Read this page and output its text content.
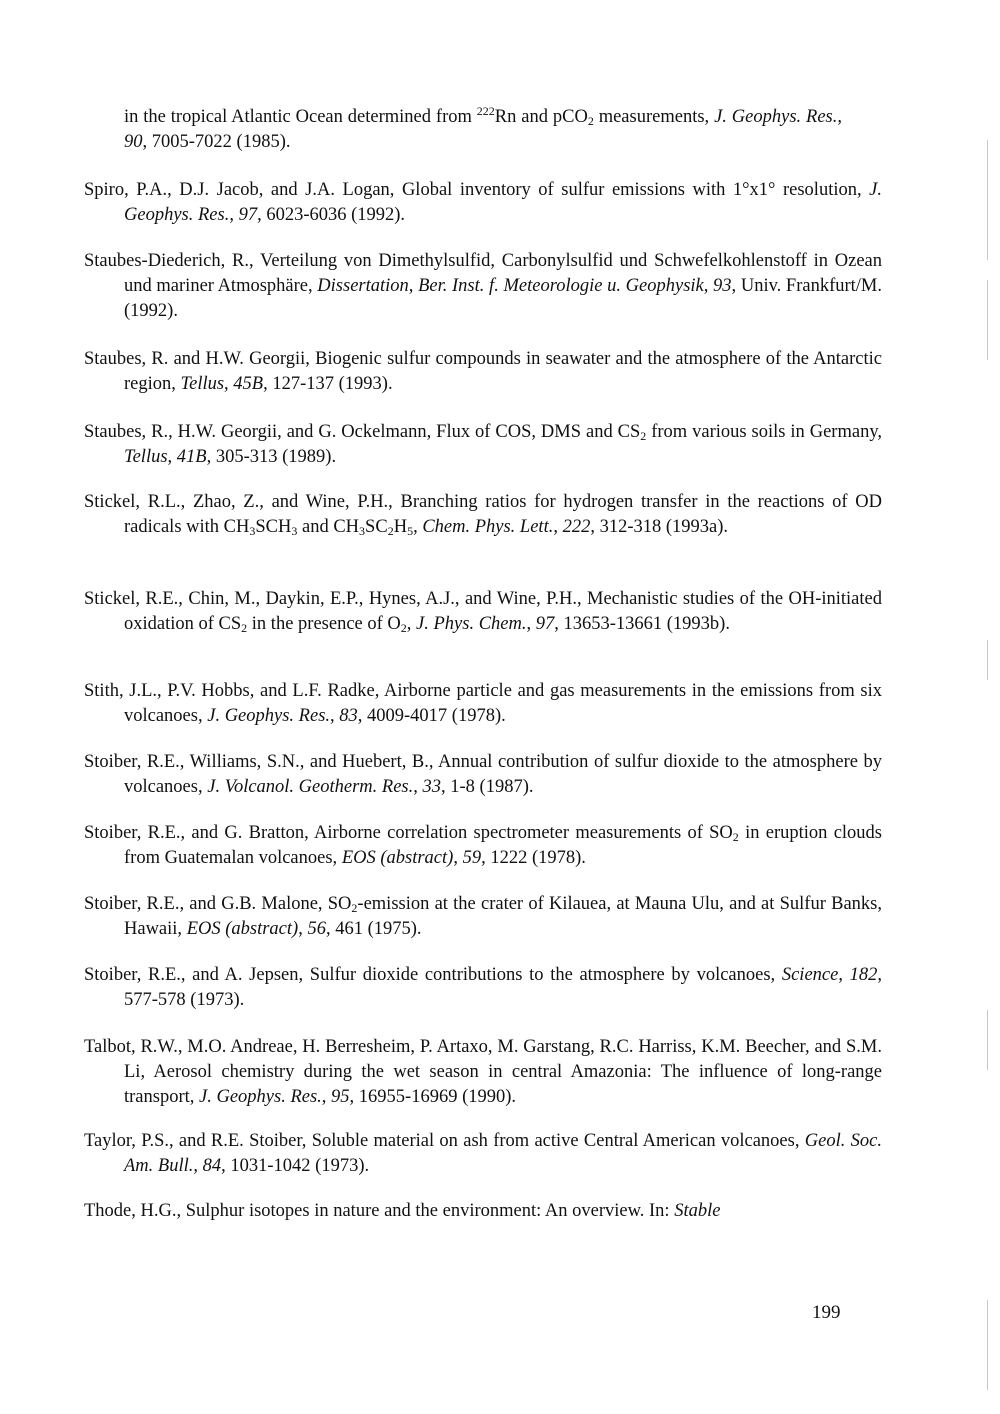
in the tropical Atlantic Ocean determined from $^{222}$Rn and pCO$_2$ measurements, J. Geophys. Res., 90, 7005-7022 (1985).
Spiro, P.A., D.J. Jacob, and J.A. Logan, Global inventory of sulfur emissions with 1°x1° resolution, J. Geophys. Res., 97, 6023-6036 (1992).
Staubes-Diederich, R., Verteilung von Dimethylsulfid, Carbonylsulfid und Schwefelkohlenstoff in Ozean und mariner Atmosphäre, Dissertation, Ber. Inst. f. Meteorologie u. Geophysik, 93, Univ. Frankfurt/M. (1992).
Staubes, R. and H.W. Georgii, Biogenic sulfur compounds in seawater and the atmosphere of the Antarctic region, Tellus, 45B, 127-137 (1993).
Staubes, R., H.W. Georgii, and G. Ockelmann, Flux of COS, DMS and $CS_2$ from various soils in Germany, Tellus, 41B, 305-313 (1989).
Stickel, R.L., Zhao, Z., and Wine, P.H., Branching ratios for hydrogen transfer in the reactions of OD radicals with $CH_3SCH_3$ and $CH_3SC_2H_5$, Chem. Phys. Lett., 222, 312-318 (1993a).
Stickel, R.E., Chin, M., Daykin, E.P., Hynes, A.J., and Wine, P.H., Mechanistic studies of the OH-initiated oxidation of $CS_2$ in the presence of $O_2$, J. Phys. Chem., 97, 13653-13661 (1993b).
Stith, J.L., P.V. Hobbs, and L.F. Radke, Airborne particle and gas measurements in the emissions from six volcanoes, J. Geophys. Res., 83, 4009-4017 (1978).
Stoiber, R.E., Williams, S.N., and Huebert, B., Annual contribution of sulfur dioxide to the atmosphere by volcanoes, J. Volcanol. Geotherm. Res., 33, 1-8 (1987).
Stoiber, R.E., and G. Bratton, Airborne correlation spectrometer measurements of $SO_2$ in eruption clouds from Guatemalan volcanoes, EOS (abstract), 59, 1222 (1978).
Stoiber, R.E., and G.B. Malone, $SO_2$-emission at the crater of Kilauea, at Mauna Ulu, and at Sulfur Banks, Hawaii, EOS (abstract), 56, 461 (1975).
Stoiber, R.E., and A. Jepsen, Sulfur dioxide contributions to the atmosphere by volcanoes, Science, 182, 577-578 (1973).
Talbot, R.W., M.O. Andreae, H. Berresheim, P. Artaxo, M. Garstang, R.C. Harriss, K.M. Beecher, and S.M. Li, Aerosol chemistry during the wet season in central Amazonia: The influence of long-range transport, J. Geophys. Res., 95, 16955-16969 (1990).
Taylor, P.S., and R.E. Stoiber, Soluble material on ash from active Central American volcanoes, Geol. Soc. Am. Bull., 84, 1031-1042 (1973).
Thode, H.G., Sulphur isotopes in nature and the environment: An overview. In: Stable
199
